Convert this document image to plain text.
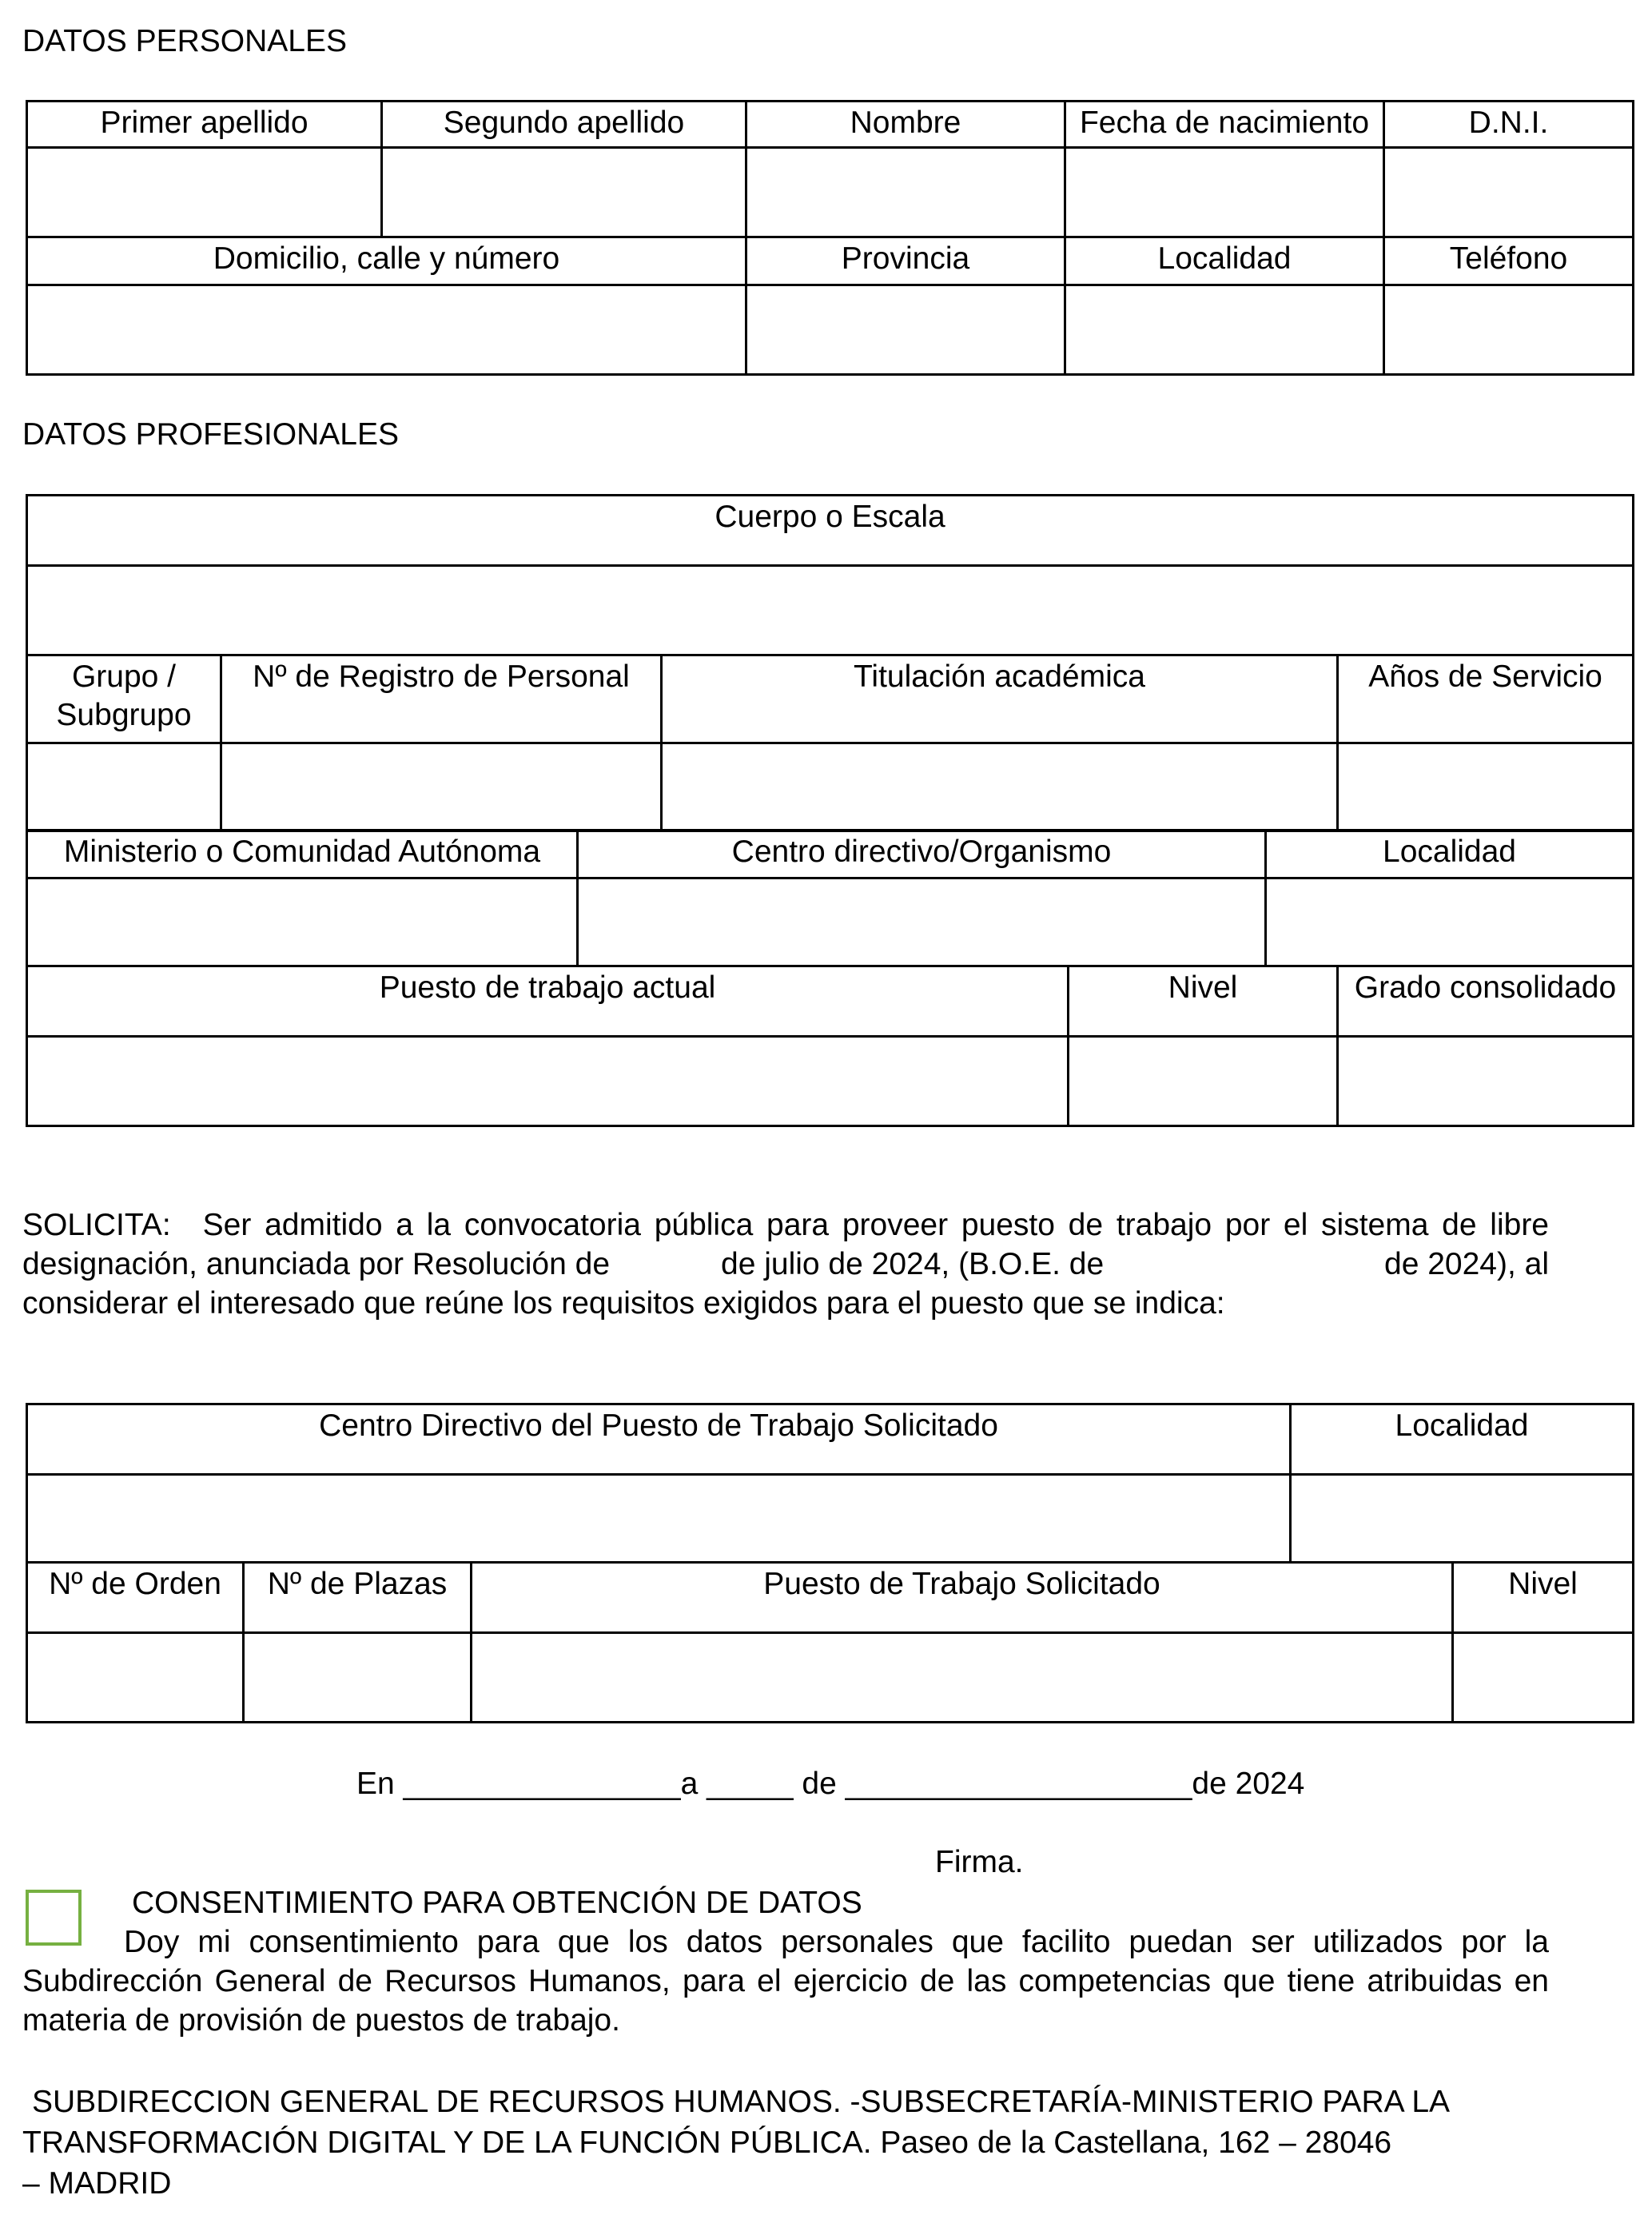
DATOS PERSONALES
Primer apellido	Segundo apellido	Nombre	Fecha de nacimiento	D.N.I.

Domicilio, calle y número		Provincia	Localidad	Teléfono

DATOS PROFESIONALES
Cuerpo o Escala			

Grupo /
Subgrupo	Nº de Registro de Personal	Titulación académica	Años de Servicio

Ministerio o Comunidad Autónoma	Centro directivo/Organismo	Localidad

Puesto de trabajo actual	Nivel	Grado consolidado

SOLICITA: Ser admitido a la convocatoria pública para proveer puesto de trabajo por el sistema de libre
designación, anunciada por Resolución de	de julio de 2024, (B.O.E. de	de 2024), al
considerar el interesado que reúne los requisitos exigidos para el puesto que se indica:
Centro Directivo del Puesto de Trabajo Solicitado	Localidad

Nº de Orden	Nº de Plazas	Puesto de Trabajo Solicitado	Nivel

En ________________a _____ de ____________________de 2024
Firma.
CONSENTIMIENTO PARA OBTENCIÓN DE DATOS
Doy mi consentimiento para que los datos personales que facilito puedan ser utilizados por la Subdirección General de Recursos Humanos, para el ejercicio de las competencias que tiene atribuidas en materia de provisión de puestos de trabajo.
SUBDIRECCION GENERAL DE RECURSOS HUMANOS. -SUBSECRETARÍA-MINISTERIO PARA LA
TRANSFORMACIÓN DIGITAL Y DE LA FUNCIÓN PÚBLICA. Paseo de la Castellana, 162 – 28046
– MADRID
